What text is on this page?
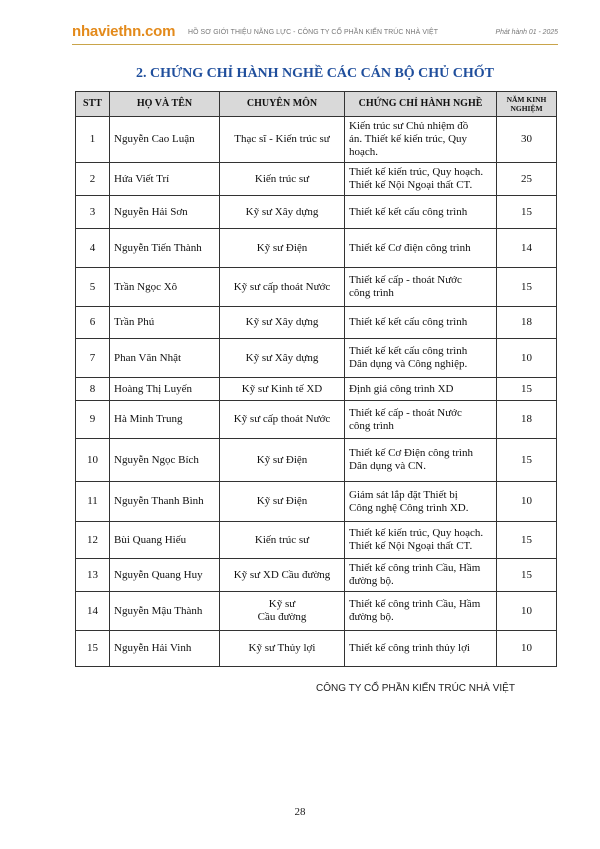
nhaviethn.com HỒ SƠ GIỚI THIỆU NĂNG LỰC - CÔNG TY CỔ PHẦN KIẾN TRÚC NHÀ VIỆT	Phát hành 01 - 2025
2. CHỨNG CHỈ HÀNH NGHỀ CÁC CÁN BỘ CHỦ CHỐT
STT	HỌ VÀ TÊN	CHUYÊN MÔN	CHỨNG CHỈ HÀNH NGHỀ	NĂM KINH NGHIỆM
1	Nguyễn Cao Luận	Thạc sĩ - Kiến trúc sư	Kiến trúc sư Chủ nhiệm đồ
án. Thiết kế kiến trúc, Quy
hoạch.	30
2	Hứa Viết Trí	Kiến trúc sư	Thiết kế kiến trúc, Quy hoạch.
Thiết kế Nội Ngoại thất CT.	25
3	Nguyễn Hải Sơn	Kỹ sư Xây dựng	Thiết kế kết cấu công trình	15
4	Nguyễn Tiến Thành	Kỹ sư Điện	Thiết kế Cơ điện công trình	14
5	Trần Ngọc Xô	Kỹ sư cấp thoát Nước	Thiết kế cấp - thoát Nước
công trình	15
6	Trần Phú	Kỹ sư Xây dựng	Thiết kế kết cấu công trình	18
7	Phan Văn Nhật	Kỹ sư Xây dựng	Thiết kế kết cấu công trình
Dân dụng và Công nghiệp.	10
8	Hoàng Thị Luyến	Kỹ sư Kinh tế XD	Định giá công trình XD	15
9	Hà Minh Trung	Kỹ sư cấp thoát Nước	Thiết kế cấp - thoát Nước
công trình	18
10	Nguyễn Ngọc Bích	Kỹ sư Điện	Thiết kế Cơ Điện công trình
Dân dụng và CN.	15
11	Nguyễn Thanh Bình	Kỹ sư Điện	Giám sát lắp đặt Thiết bị
Công nghệ Công trình XD.	10
12	Bùi Quang Hiếu	Kiến trúc sư	Thiết kế kiến trúc, Quy hoạch.
Thiết kế Nội Ngoại thất CT.	15
13	Nguyễn Quang Huy	Kỹ sư XD Cầu đường	Thiết kế công trình Cầu, Hầm
đường bộ.	15
14	Nguyễn Mậu Thành	Kỹ sư
Cầu đường	Thiết kế công trình Cầu, Hầm
đường bộ.	10
15	Nguyễn Hải Vinh	Kỹ sư Thủy lợi	Thiết kế công trình thủy lợi	10
CÔNG TY CỔ PHẦN KIẾN TRÚC NHÀ VIỆT
28
